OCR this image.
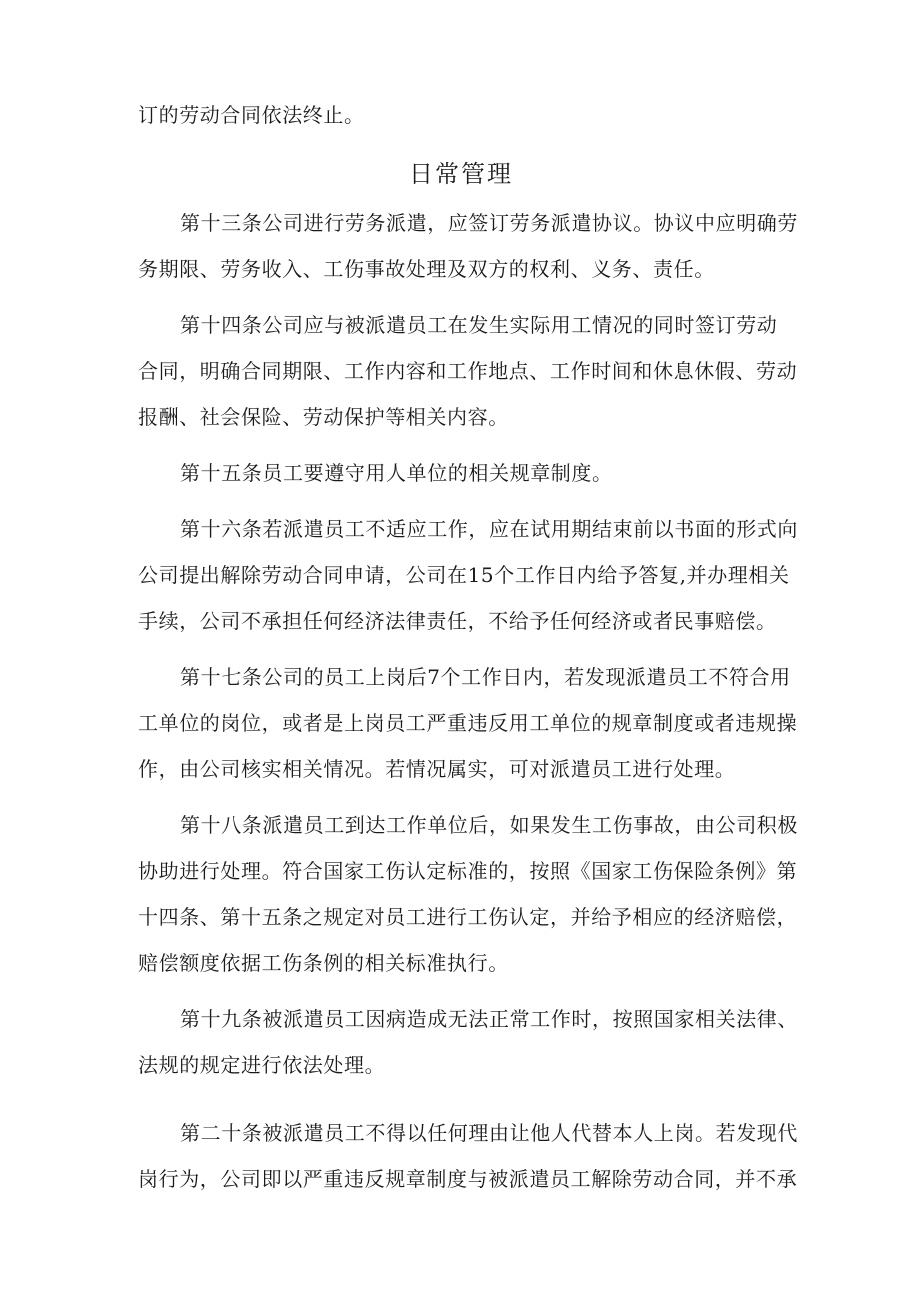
订的劳动合同依法终止。
日常管理
第十三条公司进行劳务派遣，应签订劳务派遣协议。协议中应明确劳
务期限、劳务收入、工伤事故处理及双方的权利、义务、责任。
第十四条公司应与被派遣员工在发生实际用工情况的同时签订劳动
合同，明确合同期限、工作内容和工作地点、工作时间和休息休假、劳动
报酬、社会保险、劳动保护等相关内容。
第十五条员工要遵守用人单位的相关规章制度。
第十六条若派遣员工不适应工作，应在试用期结束前以书面的形式向
公司提出解除劳动合同申请，公司在15个工作日内给予答复,并办理相关
手续，公司不承担任何经济法律责任，不给予任何经济或者民事赔偿。
第十七条公司的员工上岗后7个工作日内，若发现派遣员工不符合用
工单位的岗位，或者是上岗员工严重违反用工单位的规章制度或者违规操
作，由公司核实相关情况。若情况属实，可对派遣员工进行处理。
第十八条派遣员工到达工作单位后，如果发生工伤事故，由公司积极
协助进行处理。符合国家工伤认定标准的，按照《国家工伤保险条例》第
十四条、第十五条之规定对员工进行工伤认定，并给予相应的经济赔偿，
赔偿额度依据工伤条例的相关标准执行。
第十九条被派遣员工因病造成无法正常工作时，按照国家相关法律、
法规的规定进行依法处理。
第二十条被派遣员工不得以任何理由让他人代替本人上岗。若发现代
岗行为，公司即以严重违反规章制度与被派遣员工解除劳动合同，并不承
